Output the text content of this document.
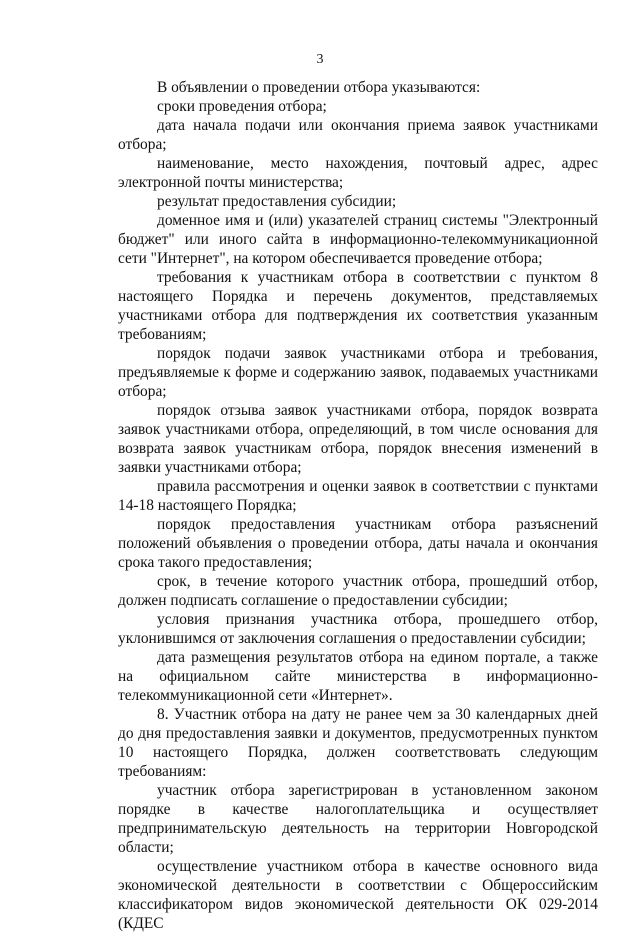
3

В объявлении о проведении отбора указываются:

сроки проведения отбора;

дата начала подачи или окончания приема заявок участниками отбора;

наименование, место нахождения, почтовый адрес, адрес электронной почты министерства;

результат предоставления субсидии;

доменное имя и (или) указателей страниц системы "Электронный бюджет" или иного сайта в информационно-телекоммуникационной сети "Интернет", на котором обеспечивается проведение отбора;

требования к участникам отбора в соответствии с пунктом 8 настоящего Порядка и перечень документов, представляемых участниками отбора для подтверждения их соответствия указанным требованиям;

порядок подачи заявок участниками отбора и требования, предъявляемые к форме и содержанию заявок, подаваемых участниками отбора;

порядок отзыва заявок участниками отбора, порядок возврата заявок участниками отбора, определяющий, в том числе основания для возврата заявок участникам отбора, порядок внесения изменений в заявки участниками отбора;

правила рассмотрения и оценки заявок в соответствии с пунктами 14-18 настоящего Порядка;

порядок предоставления участникам отбора разъяснений положений объявления о проведении отбора, даты начала и окончания срока такого предоставления;

срок, в течение которого участник отбора, прошедший отбор, должен подписать соглашение о предоставлении субсидии;

условия признания участника отбора, прошедшего отбор, уклонившимся от заключения соглашения о предоставлении субсидии;

дата размещения результатов отбора на едином портале, а также на официальном сайте министерства в информационно-телекоммуникационной сети «Интернет».

8. Участник отбора на дату не ранее чем за 30 календарных дней до дня предоставления заявки и документов, предусмотренных пунктом 10 настоящего Порядка, должен соответствовать следующим требованиям:

участник отбора зарегистрирован в установленном законом порядке в качестве налогоплательщика и осуществляет предпринимательскую деятельность на территории Новгородской области;

осуществление участником отбора в качестве основного вида экономической деятельности в соответствии с Общероссийским классификатором видов экономической деятельности ОК 029-2014 (КДЕС
